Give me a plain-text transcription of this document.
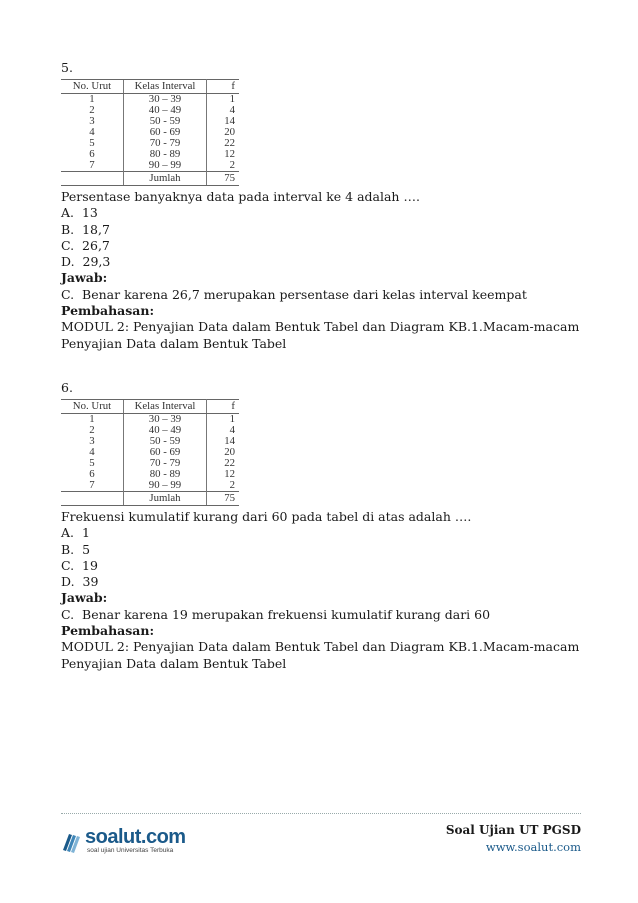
5.
No. Urut	Kelas Interval	f
1	30 – 39	1
2	40 – 49	4
3	50 - 59	14
4	60 - 69	20
5	70 - 79	22
6	80 - 89	12
7	90 – 99	2
	Jumlah	75
Persentase banyaknya data pada interval ke 4 adalah ….
A.  13
B.  18,7
C.  26,7
D.  29,3
Jawab:
C.  Benar karena 26,7 merupakan persentase dari kelas interval keempat
Pembahasan:
MODUL 2: Penyajian Data dalam Bentuk Tabel dan Diagram KB.1.Macam-macam Penyajian Data dalam Bentuk Tabel
6.
No. Urut	Kelas Interval	f
1	30 – 39	1
2	40 – 49	4
3	50 - 59	14
4	60 - 69	20
5	70 - 79	22
6	80 - 89	12
7	90 – 99	2
	Jumlah	75
Frekuensi kumulatif kurang dari 60 pada tabel di atas adalah ….
A.  1
B.  5
C.  19
D.  39
Jawab:
C.  Benar karena 19 merupakan frekuensi kumulatif kurang dari 60
Pembahasan:
MODUL 2: Penyajian Data dalam Bentuk Tabel dan Diagram KB.1.Macam-macam Penyajian Data dalam Bentuk Tabel
soalut.com
soal ujian Universitas Terbuka
Soal Ujian UT PGSD
www.soalut.com
